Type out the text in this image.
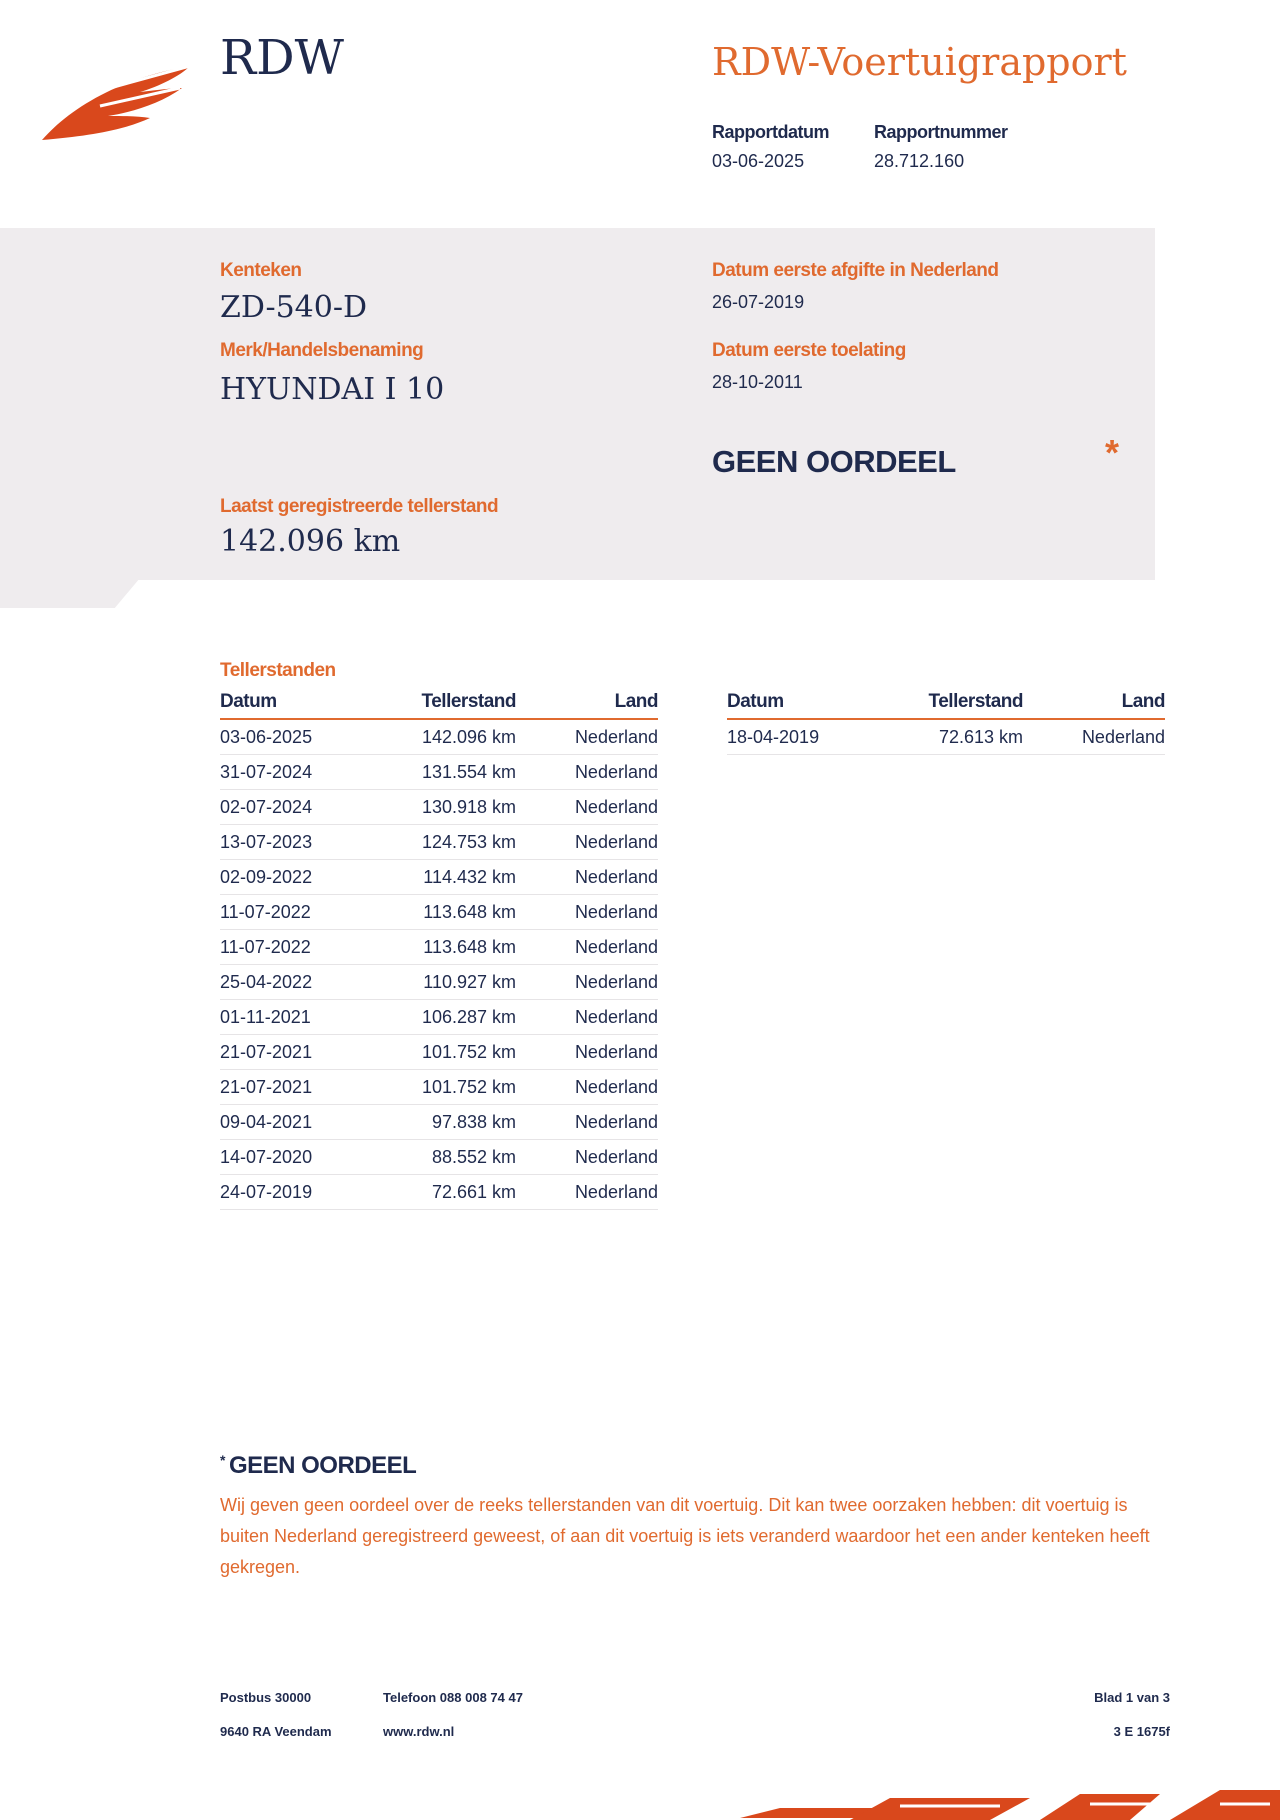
RDW	RDW-Voertuigrapport
Rapportdatum
03-06-2025
Rapportnummer
28.712.160
Kenteken
ZD-540-D
Merk/Handelsbenaming
HYUNDAI I 10
Datum eerste afgifte in Nederland
26-07-2019
Datum eerste toelating
28-10-2011
GEEN OORDEEL	*
Laatst geregistreerde tellerstand
142.096 km
Tellerstanden
Datum	Tellerstand	Land
03-06-2025	142.096 km	Nederland
31-07-2024	131.554 km	Nederland
02-07-2024	130.918 km	Nederland
13-07-2023	124.753 km	Nederland
02-09-2022	114.432 km	Nederland
11-07-2022	113.648 km	Nederland
11-07-2022	113.648 km	Nederland
25-04-2022	110.927 km	Nederland
01-11-2021	106.287 km	Nederland
21-07-2021	101.752 km	Nederland
21-07-2021	101.752 km	Nederland
09-04-2021	97.838 km	Nederland
14-07-2020	88.552 km	Nederland
24-07-2019	72.661 km	Nederland
Datum	Tellerstand	Land
18-04-2019	72.613 km	Nederland
* GEEN OORDEEL
Wij geven geen oordeel over de reeks tellerstanden van dit voertuig. Dit kan twee oorzaken hebben: dit voertuig is buiten Nederland geregistreerd geweest, of aan dit voertuig is iets veranderd waardoor het een ander kenteken heeft gekregen.
Postbus 30000
9640 RA Veendam
Telefoon 088 008 74 47
www.rdw.nl
Blad 1 van 3
3 E 1675f
